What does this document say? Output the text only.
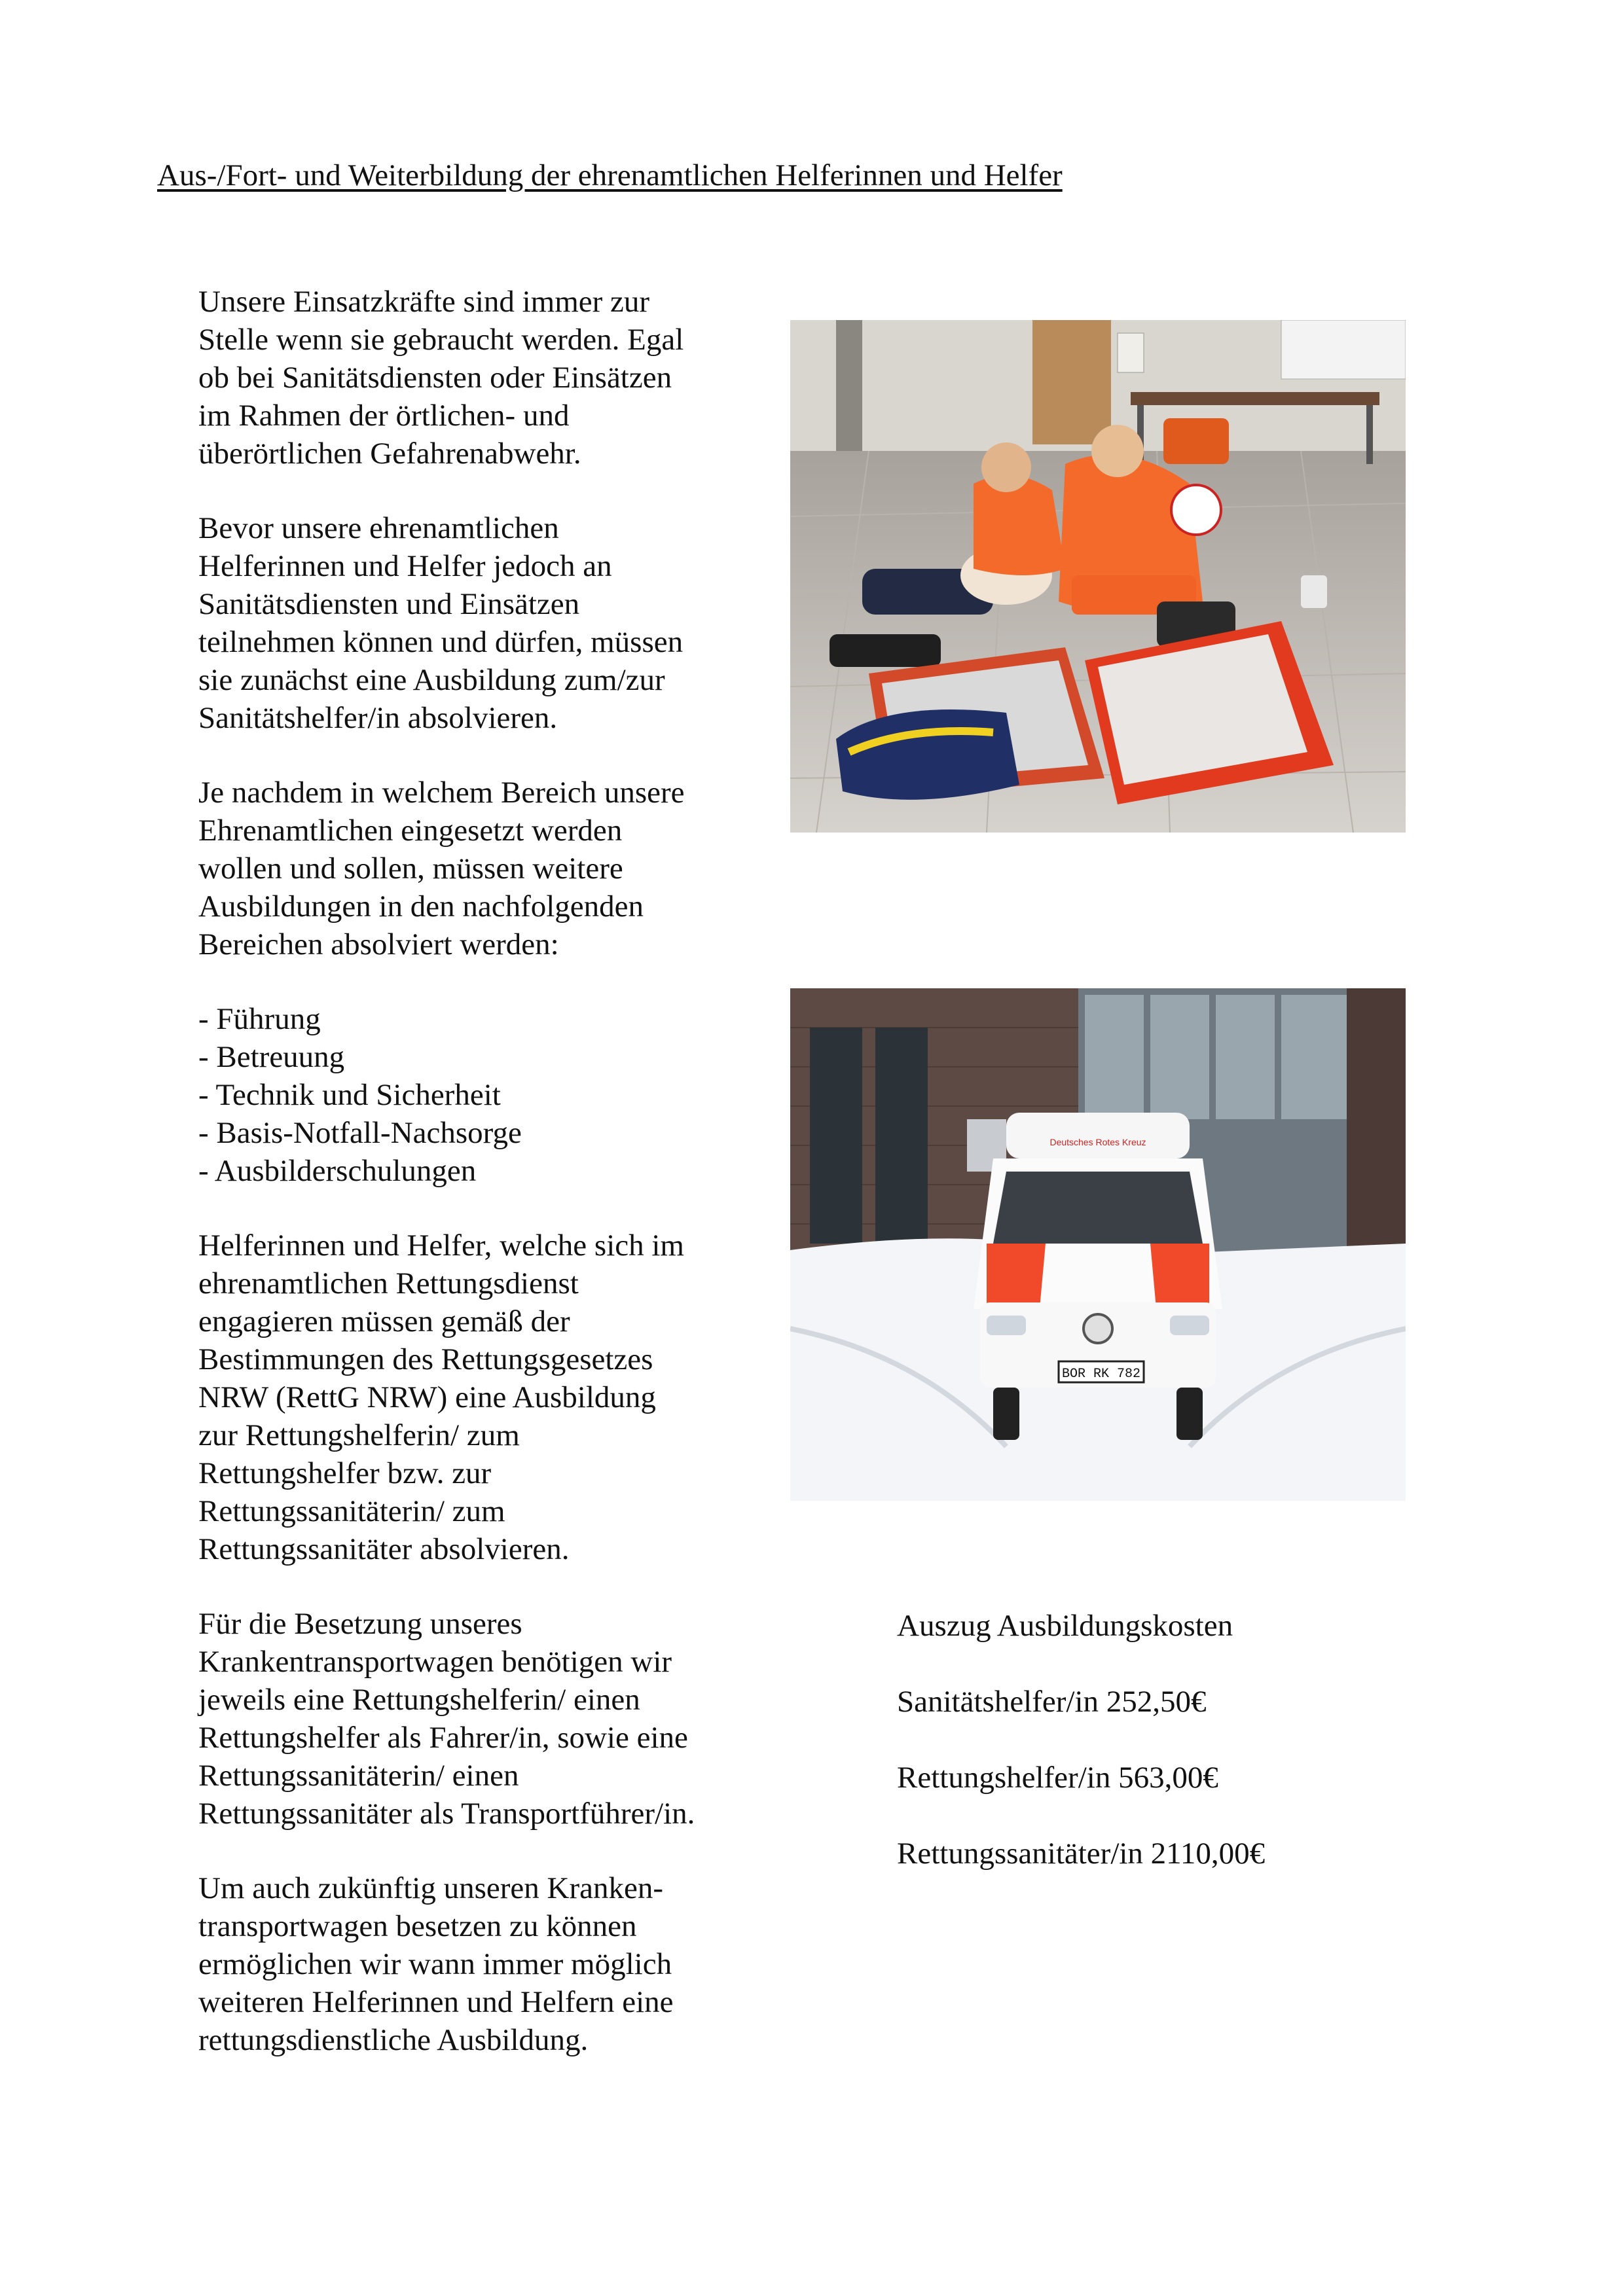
Aus-/Fort- und Weiterbildung der ehrenamtlichen Helferinnen und Helfer

Unsere Einsatzkräfte sind immer zur
Stelle wenn sie gebraucht werden. Egal
ob bei Sanitätsdiensten oder Einsätzen
im Rahmen der örtlichen- und
überörtlichen Gefahrenabwehr.

Bevor unsere ehrenamtlichen
Helferinnen und Helfer jedoch an
Sanitätsdiensten und Einsätzen
teilnehmen können und dürfen, müssen
sie zunächst eine Ausbildung zum/zur
Sanitätshelfer/in absolvieren.

Je nachdem in welchem Bereich unsere
Ehrenamtlichen eingesetzt werden
wollen und sollen, müssen weitere
Ausbildungen in den nachfolgenden
Bereichen absolviert werden:

- Führung
- Betreuung
- Technik und Sicherheit
- Basis-Notfall-Nachsorge
- Ausbilderschulungen

Helferinnen und Helfer, welche sich im
ehrenamtlichen Rettungsdienst
engagieren müssen gemäß der
Bestimmungen des Rettungsgesetzes
NRW (RettG NRW) eine Ausbildung
zur Rettungshelferin/ zum
Rettungshelfer bzw. zur
Rettungssanitäterin/ zum
Rettungssanitäter absolvieren.

Für die Besetzung unseres
Krankentransportwagen benötigen wir
jeweils eine Rettungshelferin/ einen
Rettungshelfer als Fahrer/in, sowie eine
Rettungssanitäterin/ einen
Rettungssanitäter als Transportführer/in.

Um auch zukünftig unseren Kranken-
transportwagen besetzen zu können
ermöglichen wir wann immer möglich
weiteren Helferinnen und Helfern eine
rettungsdienstliche Ausbildung.

Deutsches Rotes Kreuz
BOR RK 782
Auszug Ausbildungskosten
Sanitätshelfer/in 252,50€
Rettungshelfer/in 563,00€
Rettungssanitäter/in 2110,00€
